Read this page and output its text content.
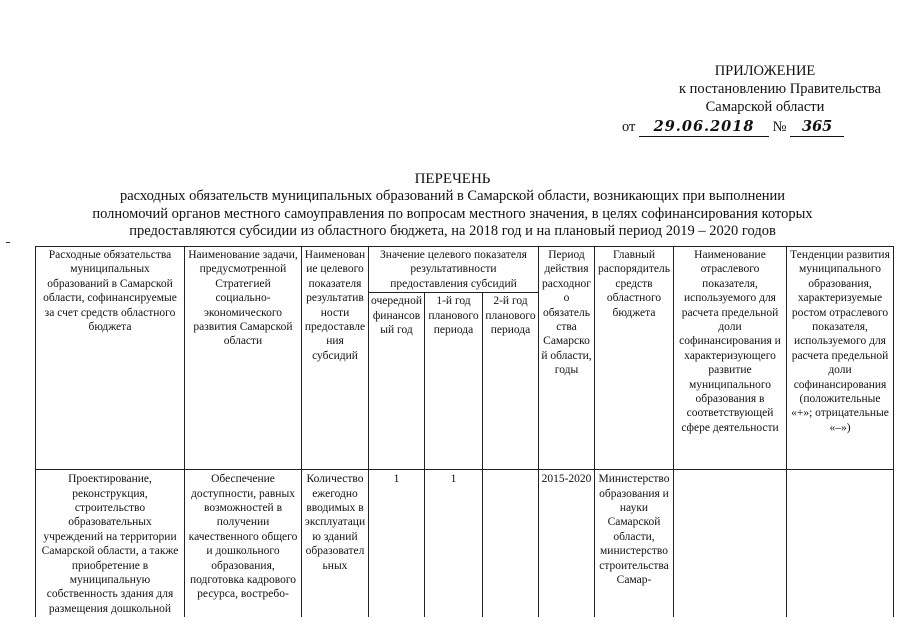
ПРИЛОЖЕНИЕ
к постановлению Правительства
Самарской области
от 29.06.2018 № 365
ПЕРЕЧЕНЬ
расходных обязательств муниципальных образований в Самарской области, возникающих при выполнении
полномочий органов местного самоуправления по вопросам местного значения, в целях софинансирования которых
предоставляются субсидии из областного бюджета, на 2018 год и на плановый период 2019 – 2020 годов
Расходные обязательства муниципальных образований в Самарской области, софинансируемые за счет средств областного бюджета	Наименование задачи, предусмотренной Стратегией социально-экономического развития Самарской области	Наименование целевого показателя результативности предоставления субсидий	Значение целевого показателя результативности предоставления субсидий			Период действия расходного обязательства Самарской области, годы	Главный распорядитель средств областного бюджета	Наименование отраслевого показателя, используемого для расчета предельной доли софинансирования и характеризующего развитие муниципального образования в соответствующей сфере деятельности	Тенденции развития муниципального образования, характеризуемые ростом отраслевого показателя, используемого для расчета предельной доли софинансирования (положительные «+»; отрицательные «–»)
			очередной финансовый год	1-й год планового периода	2-й год планового периода				
Проектирование, реконструкция, строительство образовательных учреждений на территории Самарской области, а также приобретение в муниципальную собственность здания для размещения дошкольной	Обеспечение доступности, равных возможностей в получении качественного общего и дошкольного образования, подготовка кадрового ресурса, востребо-	Количество ежегодно вводимых в эксплуатацию зданий образовательных	1	1		2015-2020	Министерство образования и науки Самарской области, министерство строительства Самар-		
